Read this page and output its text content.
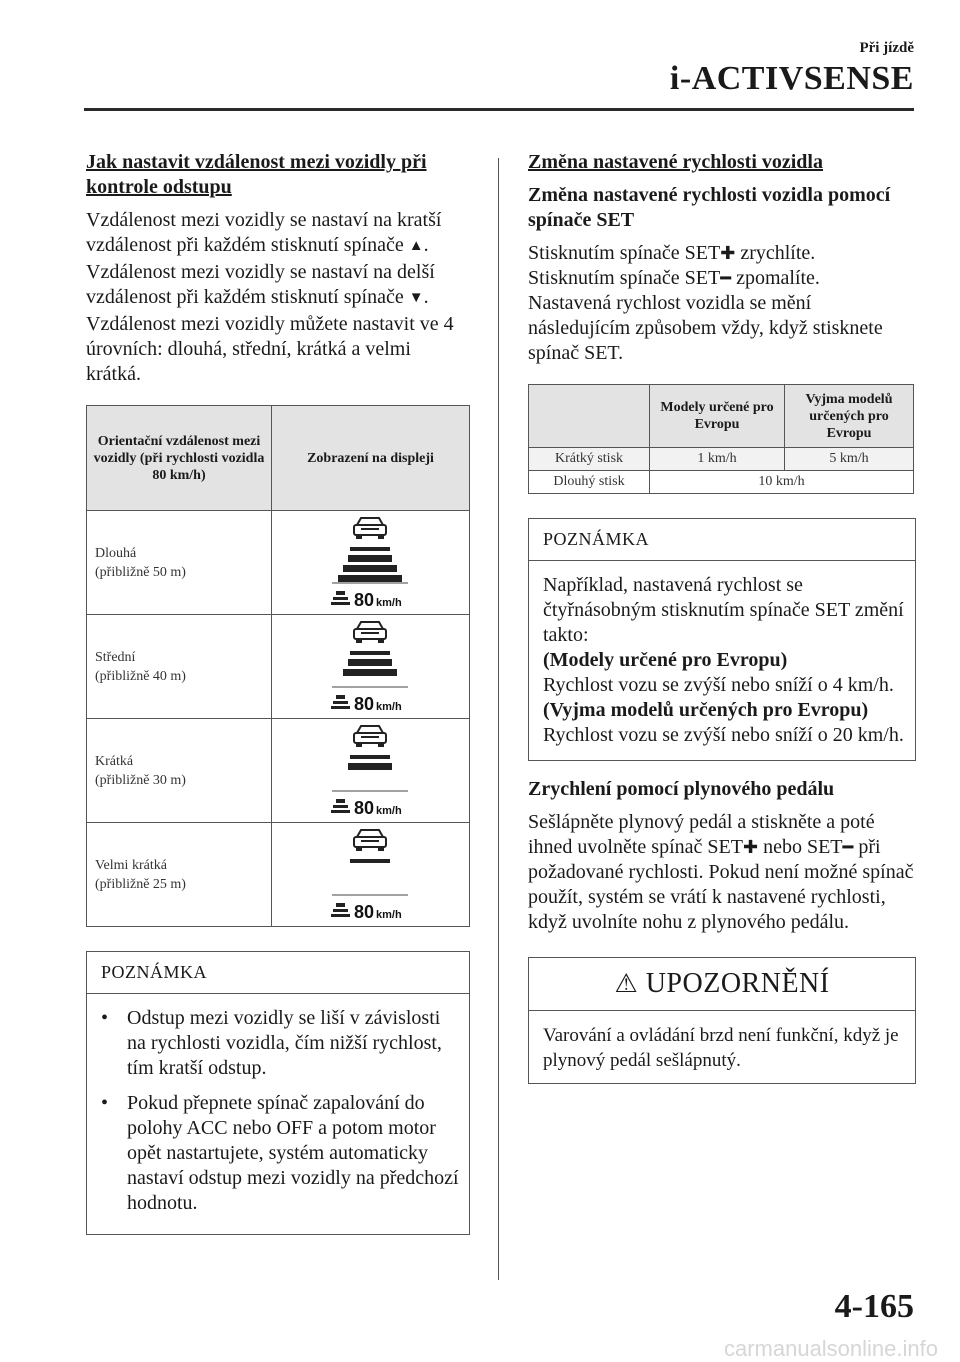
Při jízdě
i-ACTIVSENSE
Jak nastavit vzdálenost mezi vozidly při kontrole odstupu

Vzdálenost mezi vozidly se nastaví na kratší vzdálenost při každém stisknutí spínače ▲. Vzdálenost mezi vozidly se nastaví na delší vzdálenost při každém stisknutí spínače ▼. Vzdálenost mezi vozidly můžete nastavit ve 4 úrovních: dlouhá, střední, krátká a velmi krátká.

Orientační vzdálenost mezi vozidly (při rychlosti vozidla 80 km/h)	Zobrazení na displeji
Dlouhá
(přibližně 50 m)	80 km/h

Střední
(přibližně 40 m)	80 km/h

Krátká
(přibližně 30 m)	80 km/h

Velmi krátká
(přibližně 25 m)	80 km/h
POZNÁMKA
• Odstup mezi vozidly se liší v závislosti na rychlosti vozidla, čím nižší rychlost, tím kratší odstup.

• Pokud přepnete spínač zapalování do polohy ACC nebo OFF a potom motor opět nastartujete, systém automaticky nastaví odstup mezi vozidly na předchozí hodnotu.

Změna nastavené rychlosti vozidla
Změna nastavené rychlosti vozidla pomocí spínače SET

Stisknutím spínače SET✚ zrychlíte.
Stisknutím spínače SET━ zpomalíte.
Nastavená rychlost vozidla se mění následujícím způsobem vždy, když stisknete spínač SET.

	Modely určené pro Evropu	Vyjma modelů určených pro Evropu
Krátký stisk	1 km/h	5 km/h
Dlouhý stisk	10 km/h	
POZNÁMKA

Například, nastavená rychlost se čtyřnásobným stisknutím spínače SET změní takto:

(Modely určené pro Evropu)

Rychlost vozu se zvýší nebo sníží o 4 km/h.

(Vyjma modelů určených pro Evropu)

Rychlost vozu se zvýší nebo sníží o 20 km/h.

Zrychlení pomocí plynového pedálu

Sešlápněte plynový pedál a stiskněte a poté ihned uvolněte spínač SET✚ nebo SET━ při požadované rychlosti. Pokud není možné spínač použít, systém se vrátí k nastavené rychlosti, když uvolníte nohu z plynového pedálu.

⚠ UPOZORNĚNÍ
Varování a ovládání brzd není funkční, když je plynový pedál sešlápnutý.
4-165
carmanualsonline.info
